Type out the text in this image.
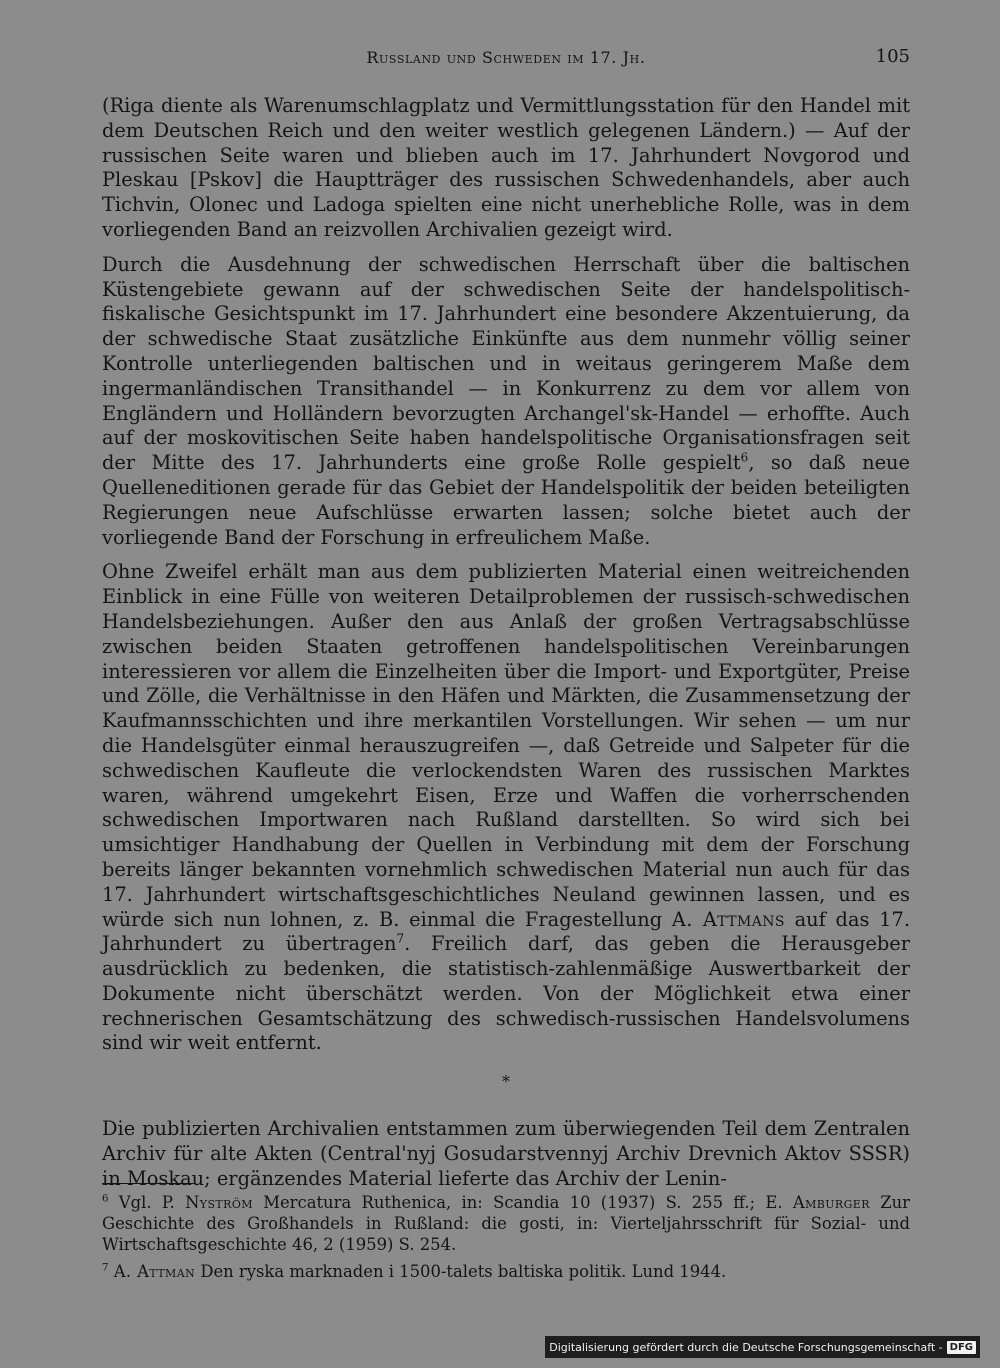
Russland und Schweden im 17. Jh.	105

(Riga diente als Warenumschlagplatz und Vermittlungsstation für den Handel mit dem Deutschen Reich und den weiter westlich gelegenen Ländern.) — Auf der russischen Seite waren und blieben auch im 17. Jahrhundert Novgorod und Pleskau [Pskov] die Hauptträger des russischen Schwedenhandels, aber auch Tichvin, Olonec und Ladoga spielten eine nicht unerhebliche Rolle, was in dem vorliegenden Band an reizvollen Archivalien gezeigt wird.

Durch die Ausdehnung der schwedischen Herrschaft über die baltischen Küstengebiete gewann auf der schwedischen Seite der handelspolitisch-fiskalische Gesichtspunkt im 17. Jahrhundert eine besondere Akzentuierung, da der schwedische Staat zusätzliche Einkünfte aus dem nunmehr völlig seiner Kontrolle unterliegenden baltischen und in weitaus geringerem Maße dem ingermanländischen Transithandel — in Konkurrenz zu dem vor allem von Engländern und Holländern bevorzugten Archangel'sk-Handel — erhoffte. Auch auf der moskovitischen Seite haben handelspolitische Organisationsfragen seit der Mitte des 17. Jahrhunderts eine große Rolle gespielt$^6$, so daß neue Quelleneditionen gerade für das Gebiet der Handelspolitik der beiden beteiligten Regierungen neue Aufschlüsse erwarten lassen; solche bietet auch der vorliegende Band der Forschung in erfreulichem Maße.

Ohne Zweifel erhält man aus dem publizierten Material einen weitreichenden Einblick in eine Fülle von weiteren Detailproblemen der russisch-schwedischen Handelsbeziehungen. Außer den aus Anlaß der großen Vertragsabschlüsse zwischen beiden Staaten getroffenen handelspolitischen Vereinbarungen interessieren vor allem die Einzelheiten über die Import- und Exportgüter, Preise und Zölle, die Verhältnisse in den Häfen und Märkten, die Zusammensetzung der Kaufmannsschichten und ihre merkantilen Vorstellungen. Wir sehen — um nur die Handelsgüter einmal herauszugreifen —, daß Getreide und Salpeter für die schwedischen Kaufleute die verlockendsten Waren des russischen Marktes waren, während umgekehrt Eisen, Erze und Waffen die vorherrschenden schwedischen Importwaren nach Rußland darstellten. So wird sich bei umsichtiger Handhabung der Quellen in Verbindung mit dem der Forschung bereits länger bekannten vornehmlich schwedischen Material nun auch für das 17. Jahrhundert wirtschaftsgeschichtliches Neuland gewinnen lassen, und es würde sich nun lohnen, z. B. einmal die Fragestellung A. Attmans auf das 17. Jahrhundert zu übertragen$^7$. Freilich darf, das geben die Herausgeber ausdrücklich zu bedenken, die statistisch-zahlenmäßige Auswertbarkeit der Dokumente nicht überschätzt werden. Von der Möglichkeit etwa einer rechnerischen Gesamtschätzung des schwedisch-russischen Handelsvolumens sind wir weit entfernt.

*

Die publizierten Archivalien entstammen zum überwiegenden Teil dem Zentralen Archiv für alte Akten (Central'nyj Gosudarstvennyj Archiv Drevnich Aktov SSSR) in Moskau; ergänzendes Material lieferte das Archiv der Lenin-

$^6$ Vgl. P. Nyström Mercatura Ruthenica, in: Scandia 10 (1937) S. 255 ff.; E. Amburger Zur Geschichte des Großhandels in Rußland: die gosti, in: Vierteljahrsschrift für Sozial- und Wirtschaftsgeschichte 46, 2 (1959) S. 254.

$^7$ A. Attman Den ryska marknaden i 1500-talets baltiska politik. Lund 1944.

Digitalisierung gefördert durch die Deutsche Forschungsgemeinschaft - DFG
